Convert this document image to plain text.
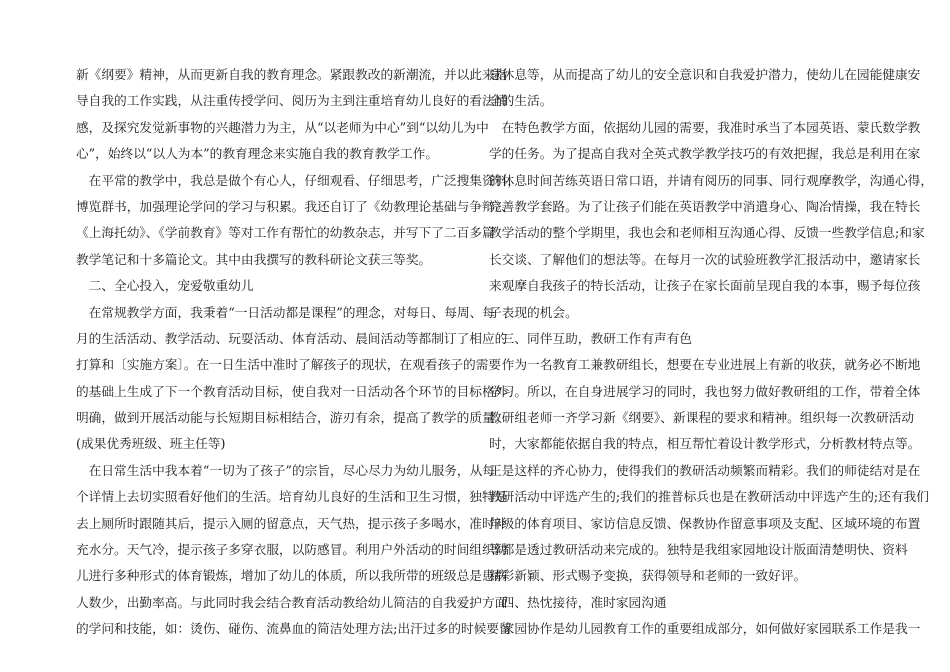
新《纲要》精神，从而更新自我的教育理念。紧跟教改的新潮流，并以此来指
导自我的工作实践，从注重传授学问、阅历为主到注重培育幼儿良好的看法情
感，及探究发觉新事物的兴趣潜力为主，从“以老师为中心”到“以幼儿为中
心”，始终以“以人为本”的教育理念来实施自我的教育教学工作。
　在平常的教学中，我总是做个有心人，仔细观看、仔细思考，广泛搜集资料，
博览群书，加强理论学问的学习与积累。我还自订了《幼教理论基础与争辩》、
《上海托幼》、《学前教育》等对工作有帮忙的幼教杂志，并写下了二百多篇
教学笔记和十多篇论文。其中由我撰写的教科研论文获三等奖。
　二、全心投入，宠爱敬重幼儿
　在常规教学方面，我秉着“一日活动都是课程”的理念，对每日、每周、每
月的生活活动、教学活动、玩耍活动、体育活动、晨间活动等都制订了相应的
打算和〔实施方案〕。在一日生活中准时了解孩子的现状，在观看孩子的需要
的基础上生成了下一个教育活动目标，使自我对一日活动各个环节的目标格外
明确，做到开展活动能与长短期目标相结合，游刃有余，提高了教学的质量。
(成果优秀班级、班主任等)
　在日常生活中我本着“一切为了孩子”的宗旨，尽心尽力为幼儿服务，从每
个详情上去切实照看好他们的生活。培育幼儿良好的生活和卫生习惯，独特是
去上厕所时跟随其后，提示入厕的留意点，天气热，提示孩子多喝水，准时补
充水分。天气冷，提示孩子多穿衣服，以防感冒。利用户外活动的时间组织幼
儿进行多种形式的体育锻炼，增加了幼儿的体质，所以我所带的班级总是患病
人数少，出勤率高。与此同时我会结合教育活动教给幼儿简洁的自我爱护方面
的学问和技能，如：烫伤、碰伤、流鼻血的简洁处理方法;出汗过多的时候要留
意休息等，从而提高了幼儿的安全意识和自我爱护潜力，使幼儿在园能健康安
全的生活。
　在特色教学方面，依据幼儿园的需要，我准时承当了本园英语、蒙氏数学教
学的任务。为了提高自我对全英式教学教学技巧的有效把握，我总是利用在家
的休息时间苦练英语日常口语，并请有阅历的同事、同行观摩教学，沟通心得，
完善教学套路。为了让孩子们能在英语教学中消遣身心、陶冶情操，我在特长
教学活动的整个学期里，我也会和老师相互沟通心得、反馈一些教学信息;和家
长交谈、了解他们的想法等。在每月一次的试验班教学汇报活动中，邀请家长
来观摩自我孩子的特长活动，让孩子在家长面前呈现自我的本事，赐予每位孩
子表现的机会。
　三、同伴互助，教研工作有声有色
　作为一名教育工兼教研组长，想要在专业进展上有新的收获，就务必不断地
学习。所以，在自身进展学习的同时，我也努力做好教研组的工作，带着全体
教研组老师一齐学习新《纲要》、新课程的要求和精神。组织每一次教研活动
时，大家都能依据自我的特点，相互帮忙着设计教学形式，分析教材特点等。
正是这样的齐心协力，使得我们的教研活动频繁而精彩。我们的师徒结对是在
教研活动中评选产生的;我们的推普标兵也是在教研活动中评选产生的;还有我们
年级的体育项目、家访信息反馈、保教协作留意事项及支配、区域环境的布置
等都是透过教研活动来完成的。独特是我组家园地设计版面清楚明快、资料
精彩新颖、形式赐予变换，获得领导和老师的一致好评。
　四、热忱接待，准时家园沟通
　家园协作是幼儿园教育工作的重要组成部分，如何做好家园联系工作是我一
